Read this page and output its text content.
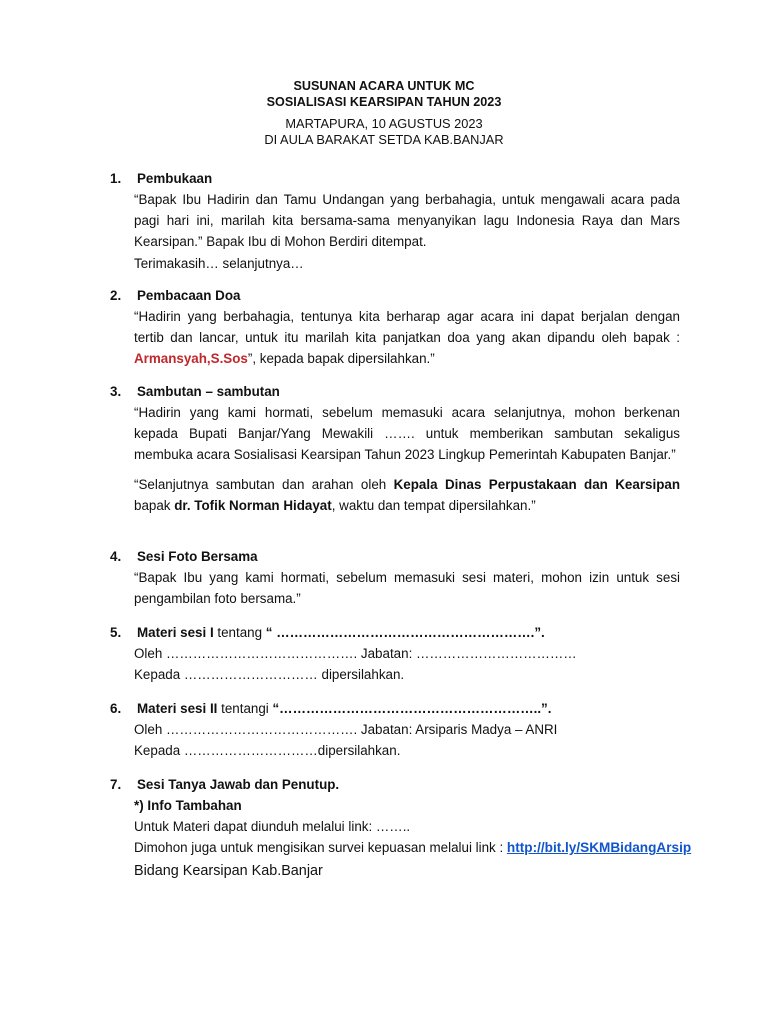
SUSUNAN ACARA UNTUK MC
SOSIALISASI KEARSIPAN TAHUN 2023
MARTAPURA, 10 AGUSTUS 2023
DI AULA BARAKAT SETDA KAB.BANJAR
1.	Pembukaan
“Bapak Ibu Hadirin dan Tamu Undangan yang berbahagia, untuk mengawali acara pada pagi hari ini, marilah kita bersama-sama menyanyikan lagu Indonesia Raya dan Mars Kearsipan.” Bapak Ibu di Mohon Berdiri ditempat.
Terimakasih… selanjutnya…
2.	Pembacaan Doa
“Hadirin yang berbahagia, tentunya kita berharap agar acara ini dapat berjalan dengan tertib dan lancar, untuk itu marilah kita panjatkan doa yang akan dipandu oleh bapak : Armansyah,S.Sos”, kepada bapak dipersilahkan.”
3.	Sambutan – sambutan
“Hadirin yang kami hormati, sebelum memasuki acara selanjutnya, mohon berkenan kepada Bupati Banjar/Yang Mewakili ……. untuk memberikan sambutan sekaligus membuka acara Sosialisasi Kearsipan Tahun 2023 Lingkup Pemerintah Kabupaten Banjar.”
“Selanjutnya sambutan dan arahan oleh Kepala Dinas Perpustakaan dan Kearsipan bapak dr. Tofik Norman Hidayat, waktu dan tempat dipersilahkan.”
4.	Sesi Foto Bersama
“Bapak Ibu yang kami hormati, sebelum memasuki sesi materi, mohon izin untuk sesi pengambilan foto bersama.”
5.	Materi sesi I tentang “ ………………………………………………….”.
Oleh ……………………………………. Jabatan: ………………………………
Kepada ………………………… dipersilahkan.
6.	Materi sesi II tentangi “…………………………………………………..”.
Oleh ……………………………………. Jabatan: Arsiparis Madya – ANRI
Kepada …………………………dipersilahkan.
7.	Sesi Tanya Jawab dan Penutup.
*) Info Tambahan
Untuk Materi dapat diunduh melalui link: ……..
Dimohon juga untuk mengisikan survei kepuasan melalui link : http://bit.ly/SKMBidangArsip
Bidang Kearsipan Kab.Banjar
